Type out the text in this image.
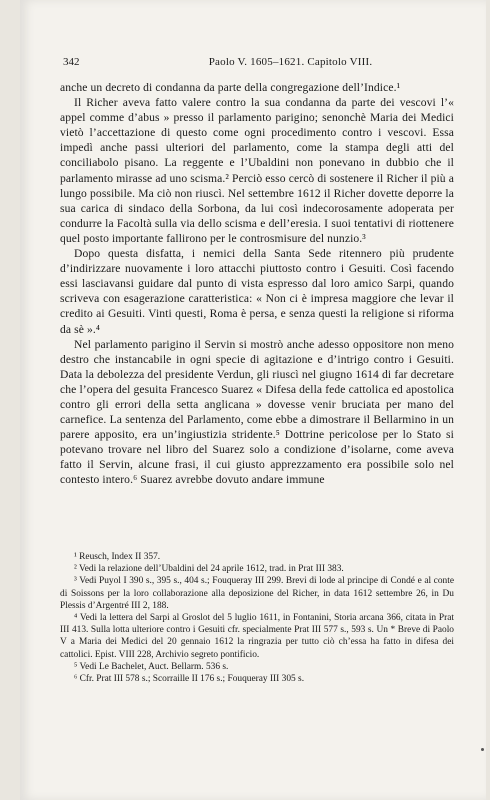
342	Paolo V. 1605–1621. Capitolo VIII.

anche un decreto di condanna da parte della congregazione dell’Indice.¹

Il Richer aveva fatto valere contro la sua condanna da parte dei vescovi l’« appel comme d’abus » presso il parlamento parigino; senonchè Maria dei Medici vietò l’accettazione di questo come ogni procedimento contro i vescovi. Essa impedì anche passi ulteriori del parlamento, come la stampa degli atti del conciliabolo pisano. La reggente e l’Ubaldini non ponevano in dubbio che il parlamento mirasse ad uno scisma.² Perciò esso cercò di sostenere il Richer il più a lungo possibile. Ma ciò non riuscì. Nel settembre 1612 il Richer dovette deporre la sua carica di sindaco della Sorbona, da lui così indecorosamente adoperata per condurre la Facoltà sulla via dello scisma e dell’eresia. I suoi tentativi di riottenere quel posto importante fallirono per le controsmisure del nunzio.³

Dopo questa disfatta, i nemici della Santa Sede ritennero più prudente d’indirizzare nuovamente i loro attacchi piuttosto contro i Gesuiti. Così facendo essi lasciavansi guidare dal punto di vista espresso dal loro amico Sarpi, quando scriveva con esagerazione caratteristica: « Non ci è impresa maggiore che levar il credito ai Gesuiti. Vinti questi, Roma è persa, e senza questi la religione si riforma da sè ».⁴

Nel parlamento parigino il Servin si mostrò anche adesso oppositore non meno destro che instancabile in ogni specie di agitazione e d’intrigo contro i Gesuiti. Data la debolezza del presidente Verdun, gli riuscì nel giugno 1614 di far decretare che l’opera del gesuita Francesco Suarez « Difesa della fede cattolica ed apostolica contro gli errori della setta anglicana » dovesse venir bruciata per mano del carnefice. La sentenza del Parlamento, come ebbe a dimostrare il Bellarmino in un parere apposito, era un’ingiustizia stridente.⁵ Dottrine pericolose per lo Stato si potevano trovare nel libro del Suarez solo a condizione d’isolarne, come aveva fatto il Servin, alcune frasi, il cui giusto apprezzamento era possibile solo nel contesto intero.⁶ Suarez avrebbe dovuto andare immune

¹ Reusch, Index II 357.

² Vedi la relazione dell’Ubaldini del 24 aprile 1612, trad. in Prat III 383.

³ Vedi Puyol I 390 s., 395 s., 404 s.; Fouqueray III 299. Brevi di lode al principe di Condé e al conte di Soissons per la loro collaborazione alla deposizione del Richer, in data 1612 settembre 26, in Du Plessis d’Argentré III 2, 188.

⁴ Vedi la lettera del Sarpi al Groslot del 5 luglio 1611, in Fontanini, Storia arcana 366, citata in Prat III 413. Sulla lotta ulteriore contro i Gesuiti cfr. specialmente Prat III 577 s., 593 s. Un * Breve di Paolo V a Maria dei Medici del 20 gennaio 1612 la ringrazia per tutto ciò ch’essa ha fatto in difesa dei cattolici. Epist. VIII 228, Archivio segreto pontificio.

⁵ Vedi Le Bachelet, Auct. Bellarm. 536 s.

⁶ Cfr. Prat III 578 s.; Scorraille II 176 s.; Fouqueray III 305 s.
